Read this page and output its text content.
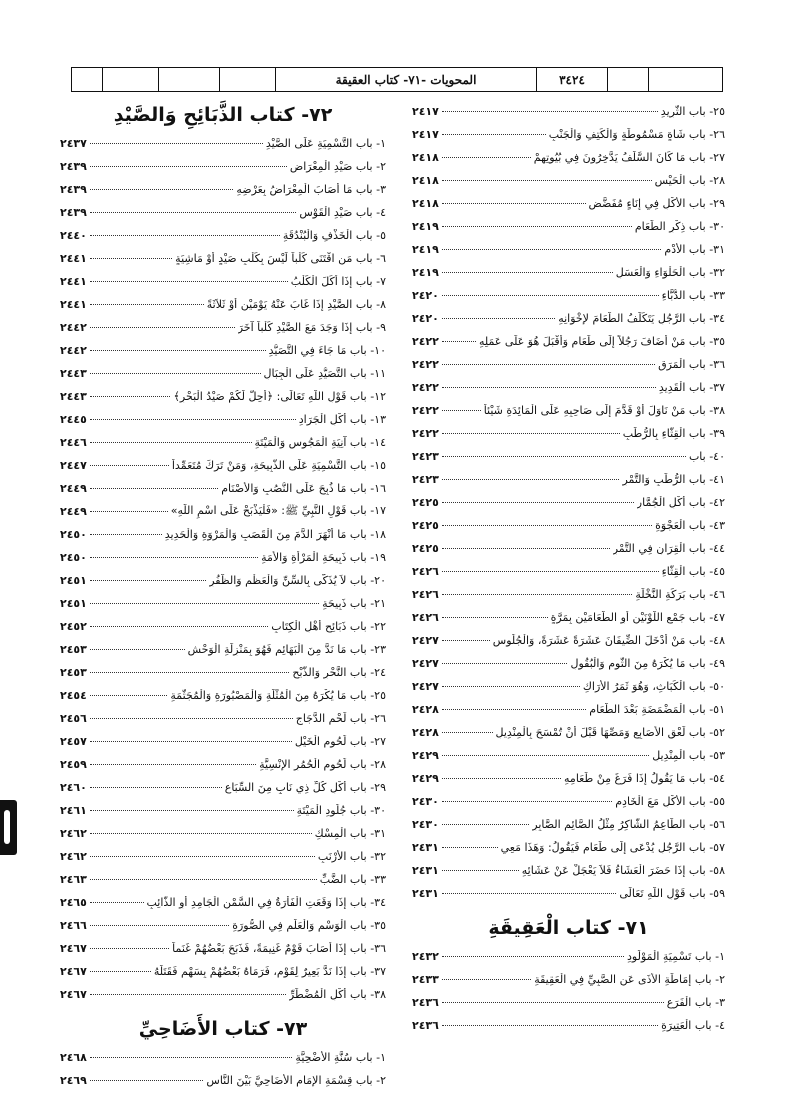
المحويات -٧١- كتاب العقيقة	٣٤٢٤
٢٥- باب الثَّرِيدِ
٢٤١٧
٢٦- باب شَاةٍ مَسْمُوطَةٍ وَالْكَتِفِ وَالْجَنْبِ
٢٤١٧
٢٧- باب مَا كَانَ السَّلَفُ يَدَّخِرُونَ فِي بُيُوتِهِمْ
٢٤١٨
٢٨- باب الْحَيْسِ
٢٤١٨
٢٩- باب الأَكْلِ فِي إِنَاءٍ مُفَضَّضٍ
٢٤١٨
٣٠- باب ذِكْرِ الطَّعَامِ
٢٤١٩
٣١- باب الأُدْمِ
٢٤١٩
٣٢- باب الْحَلْوَاءِ وَالْعَسَلِ
٢٤١٩
٣٣- باب الدُّبَّاءِ
٢٤٢٠
٣٤- باب الرَّجُلِ يَتَكَلَّفُ الطَّعَامَ لإِخْوَانِهِ
٢٤٢٠
٣٥- باب مَنْ أَضَافَ رَجُلاً إِلَى طَعَامٍ وَأَقْبَلَ هُوَ عَلَى عَمَلِهِ
٢٤٢٢
٣٦- باب الْمَرَقِ
٢٤٢٢
٣٧- باب الْقَدِيدِ
٢٤٢٢
٣٨- باب مَنْ نَاوَلَ أَوْ قَدَّمَ إِلَى صَاحِبِهِ عَلَى الْمَائِدَةِ شَيْئاً
٢٤٢٢
٣٩- باب الْقِثَّاءِ بِالرُّطَبِ
٢٤٢٢
٤٠- باب
٢٤٢٣
٤١- باب الرُّطَبِ وَالتَّمْرِ
٢٤٢٣
٤٢- باب أَكْلِ الْجُمَّارِ
٢٤٢٥
٤٣- باب الْعَجْوَةِ
٢٤٢٥
٤٤- باب الْقِرَانِ فِي التَّمْرِ
٢٤٢٥
٤٥- باب الْقِثَّاءِ
٢٤٢٦
٤٦- باب بَرَكَةِ النَّخْلَةِ
٢٤٢٦
٤٧- باب جَمْعِ اللَّوْنَيْنِ أَوِ الطَّعَامَيْنِ بِمَرَّةٍ
٢٤٢٦
٤٨- باب مَنْ أَدْخَلَ الضِّيفَانَ عَشَرَةً عَشَرَةً، وَالْجُلُوسِ
٢٤٢٧
٤٩- باب مَا يُكْرَهُ مِنَ الثُّومِ وَالْبُقُولِ
٢٤٢٧
٥٠- باب الْكَبَاثِ، وَهُوَ ثَمَرُ الأَرَاكِ
٢٤٢٧
٥١- باب الْمَضْمَضَةِ بَعْدَ الطَّعَامِ
٢٤٢٨
٥٢- باب لَعْقِ الأَصَابِعِ وَمَصِّهَا قَبْلَ أَنْ تُمْسَحَ بِالْمِنْدِيلِ
٢٤٢٨
٥٣- باب الْمِنْدِيلِ
٢٤٢٩
٥٤- باب مَا يَقُولُ إِذَا فَرَغَ مِنْ طَعَامِهِ
٢٤٢٩
٥٥- باب الأَكْلِ مَعَ الْخَادِمِ
٢٤٣٠
٥٦- باب الطَّاعِمُ الشَّاكِرُ مِثْلُ الصَّائِمِ الصَّابِرِ
٢٤٣٠
٥٧- باب الرَّجُلِ يُدْعَى إِلَى طَعَامٍ فَيَقُولُ: وَهَذَا مَعِي
٢٤٣١
٥٨- باب إِذَا حَضَرَ الْعَشَاءُ فَلاَ يَعْجَلْ عَنْ عَشَائِهِ
٢٤٣١
٥٩- باب قَوْلِ اللَّهِ تَعَالَى
٢٤٣١
٧١- كتاب الْعَقِيقَةِ
١- باب تَسْمِيَةِ الْمَوْلُودِ
٢٤٣٢
٢- باب إِمَاطَةِ الأَذَى عَنِ الصَّبِيِّ فِي الْعَقِيقَةِ
٢٤٣٣
٣- باب الْفَرَعِ
٢٤٣٦
٤- باب الْعَتِيرَةِ
٢٤٣٦
٧٢- كتاب الذَّبَائِحِ وَالصَّيْدِ
١- باب التَّسْمِيَةِ عَلَى الصَّيْدِ
٢٤٣٧
٢- باب صَيْدِ الْمِعْرَاضِ
٢٤٣٩
٣- باب مَا أَصَابَ الْمِعْرَاضُ بِعَرْضِهِ
٢٤٣٩
٤- باب صَيْدِ الْقَوْسِ
٢٤٣٩
٥- باب الْخَذْفِ وَالْبُنْدُقَةِ
٢٤٤٠
٦- باب مَنِ اقْتَنَى كَلْباً لَيْسَ بِكَلْبِ صَيْدٍ أَوْ مَاشِيَةٍ
٢٤٤١
٧- باب إِذَا أَكَلَ الْكَلْبُ
٢٤٤١
٨- باب الصَّيْدِ إِذَا غَابَ عَنْهُ يَوْمَيْنِ أَوْ ثَلاَثَةً
٢٤٤١
٩- باب إِذَا وَجَدَ مَعَ الصَّيْدِ كَلْباً آخَرَ
٢٤٤٢
١٠- باب مَا جَاءَ فِي التَّصَيُّدِ
٢٤٤٢
١١- باب التَّصَيُّدِ عَلَى الْجِبَالِ
٢٤٤٣
١٢- باب قَوْلِ اللَّهِ تَعَالَى: ﴿أُحِلَّ لَكُمْ صَيْدُ الْبَحْرِ﴾
٢٤٤٣
١٣- باب أَكْلِ الْجَرَادِ
٢٤٤٥
١٤- باب آنِيَةِ الْمَجُوسِ وَالْمَيْتَةِ
٢٤٤٦
١٥- باب التَّسْمِيَةِ عَلَى الذَّبِيحَةِ، وَمَنْ تَرَكَ مُتَعَمِّداً
٢٤٤٧
١٦- باب مَا ذُبِحَ عَلَى النُّصُبِ وَالأَصْنَامِ
٢٤٤٩
١٧- باب قَوْلِ النَّبِيِّ ﷺ: «فَلْيَذْبَحْ عَلَى اسْمِ اللَّهِ»
٢٤٤٩
١٨- باب مَا أَنْهَرَ الدَّمَ مِنَ الْقَصَبِ وَالْمَرْوَةِ وَالْحَدِيدِ
٢٤٥٠
١٩- باب ذَبِيحَةِ الْمَرْأَةِ وَالأَمَةِ
٢٤٥٠
٢٠- باب لاَ يُذَكَّى بِالسِّنِّ وَالْعَظْمِ وَالظُّفُرِ
٢٤٥١
٢١- باب ذَبِيحَةِ
٢٤٥١
٢٢- باب ذَبَائِحِ أَهْلِ الْكِتَابِ
٢٤٥٢
٢٣- باب مَا نَدَّ مِنَ الْبَهَائِمِ فَهُوَ بِمَنْزِلَةِ الْوَحْشِ
٢٤٥٣
٢٤- باب النَّحْرِ وَالذَّبْحِ
٢٤٥٣
٢٥- باب مَا يُكْرَهُ مِنَ الْمُثْلَةِ وَالْمَصْبُورَةِ وَالْمُجَثَّمَةِ
٢٤٥٤
٢٦- باب لَحْمِ الدَّجَاجِ
٢٤٥٦
٢٧- باب لُحُومِ الْخَيْلِ
٢٤٥٧
٢٨- باب لُحُومِ الْحُمُرِ الإِنْسِيَّةِ
٢٤٥٩
٢٩- باب أَكْلِ كُلِّ ذِي نَابٍ مِنَ السِّبَاعِ
٢٤٦٠
٣٠- باب جُلُودِ الْمَيْتَةِ
٢٤٦١
٣١- باب الْمِسْكِ
٢٤٦٢
٣٢- باب الأَرْنَبِ
٢٤٦٢
٣٣- باب الضَّبِّ
٢٤٦٣
٣٤- باب إِذَا وَقَعَتِ الْفَأْرَةُ فِي السَّمْنِ الْجَامِدِ أَوِ الذَّائِبِ
٢٤٦٥
٣٥- باب الْوَسْمِ وَالْعَلَمِ فِي الصُّورَةِ
٢٤٦٦
٣٦- باب إِذَا أَصَابَ قَوْمٌ غَنِيمَةً، فَذَبَحَ بَعْضُهُمْ غَنَماً
٢٤٦٧
٣٧- باب إِذَا نَدَّ بَعِيرٌ لِقَوْمٍ، فَرَمَاهُ بَعْضُهُمْ بِسَهْمٍ فَقَتَلَهُ
٢٤٦٧
٣٨- باب أَكْلِ الْمُضْطَرِّ
٢٤٦٧
٧٣- كتاب الأَضَاحِيِّ
١- باب سُنَّةِ الأُضْحِيَّةِ
٢٤٦٨
٢- باب قِسْمَةِ الإِمَامِ الأَضَاحِيَّ بَيْنَ النَّاسِ
٢٤٦٩
